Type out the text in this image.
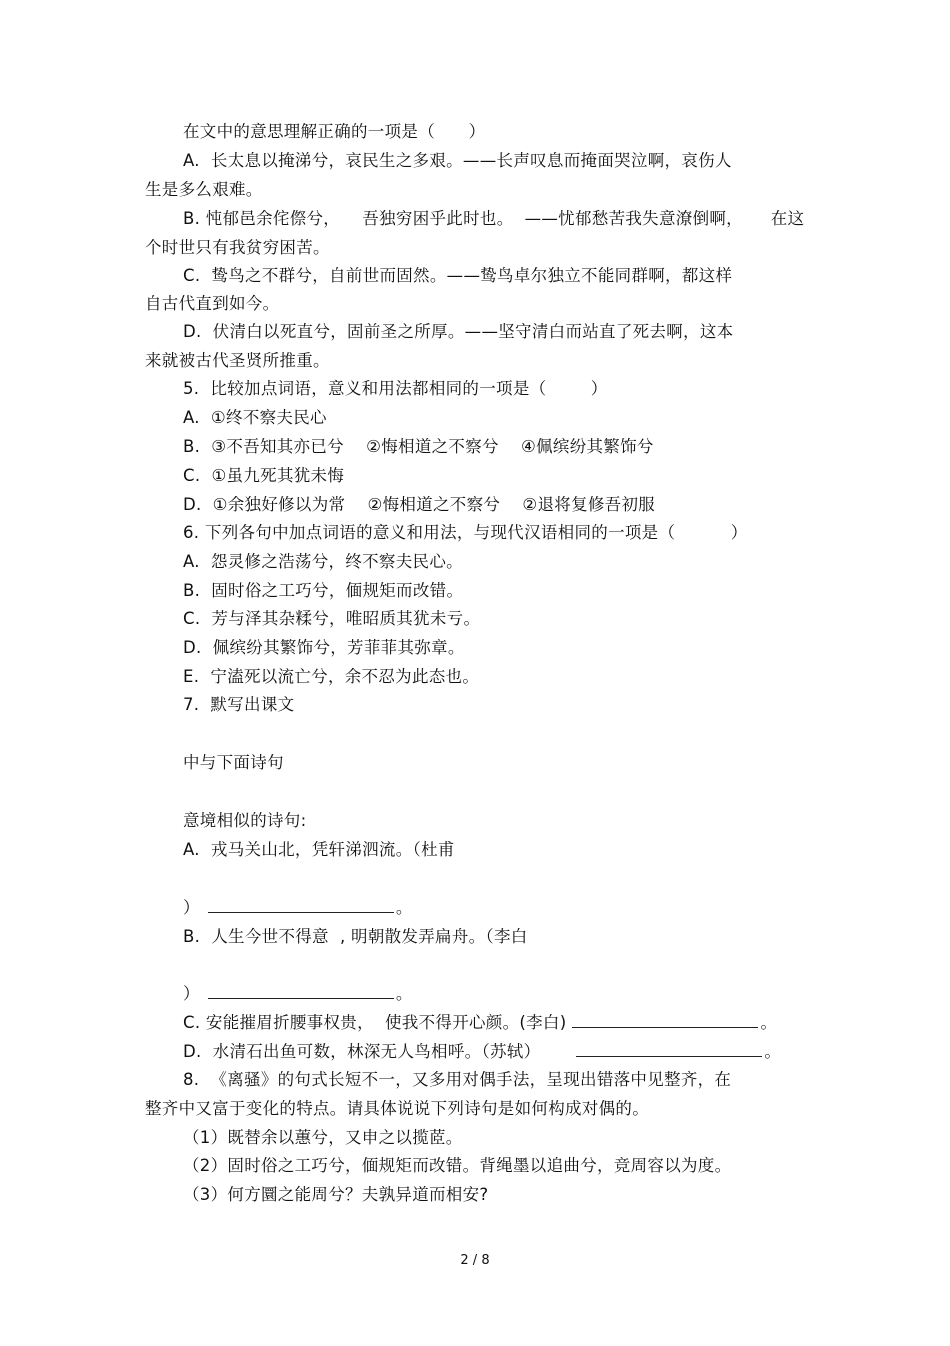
在文中的意思理解正确的一项是（　　）
A.  长太息以掩涕兮，哀民生之多艰。——长声叹息而掩面哭泣啊，哀伤人
生是多么艰难。
B. 忳郁邑余侘傺兮，    吾独穷困乎此时也。  ——忧郁愁苦我失意潦倒啊，     在这
个时世只有我贫穷困苦。
C.  鸷鸟之不群兮，自前世而固然。——鸷鸟卓尔独立不能同群啊，都这样
自古代直到如今。
D.  伏清白以死直兮，固前圣之所厚。——坚守清白而站直了死去啊，这本
来就被古代圣贤所推重。
5.  比较加点词语，意义和用法都相同的一项是（        ）
A.  ①终不察夫民心
B.  ③不吾知其亦已兮    ②悔相道之不察兮    ④佩缤纷其繁饰兮
C.  ①虽九死其犹未悔
D.  ①余独好修以为常    ②悔相道之不察兮    ②退将复修吾初服
6. 下列各句中加点词语的意义和用法，与现代汉语相同的一项是（          ）
A.  怨灵修之浩荡兮，终不察夫民心。
B.  固时俗之工巧兮，偭规矩而改错。
C.  芳与泽其杂糅兮，唯昭质其犹未亏。
D.  佩缤纷其繁饰兮，芳菲菲其弥章。
E.  宁溘死以流亡兮，余不忍为此态也。
7.  默写出课文
中与下面诗句
意境相似的诗句:
A.  戎马关山北，凭轩涕泗流。（杜甫
）	。
B.  人生今世不得意  , 明朝散发弄扁舟。（李白
）	。
C. 安能摧眉折腰事权贵，  使我不得开心颜。(李白)	。
D.  水清石出鱼可数，林深无人鸟相呼。（苏轼）	。
8.  《离骚》的句式长短不一，又多用对偶手法，呈现出错落中见整齐，在
整齐中又富于变化的特点。请具体说说下列诗句是如何构成对偶的。
（1）既替余以蕙兮，又申之以揽茝。
（2）固时俗之工巧兮，偭规矩而改错。背绳墨以追曲兮，竞周容以为度。
（3）何方圜之能周兮？夫孰异道而相安?
2 / 8
